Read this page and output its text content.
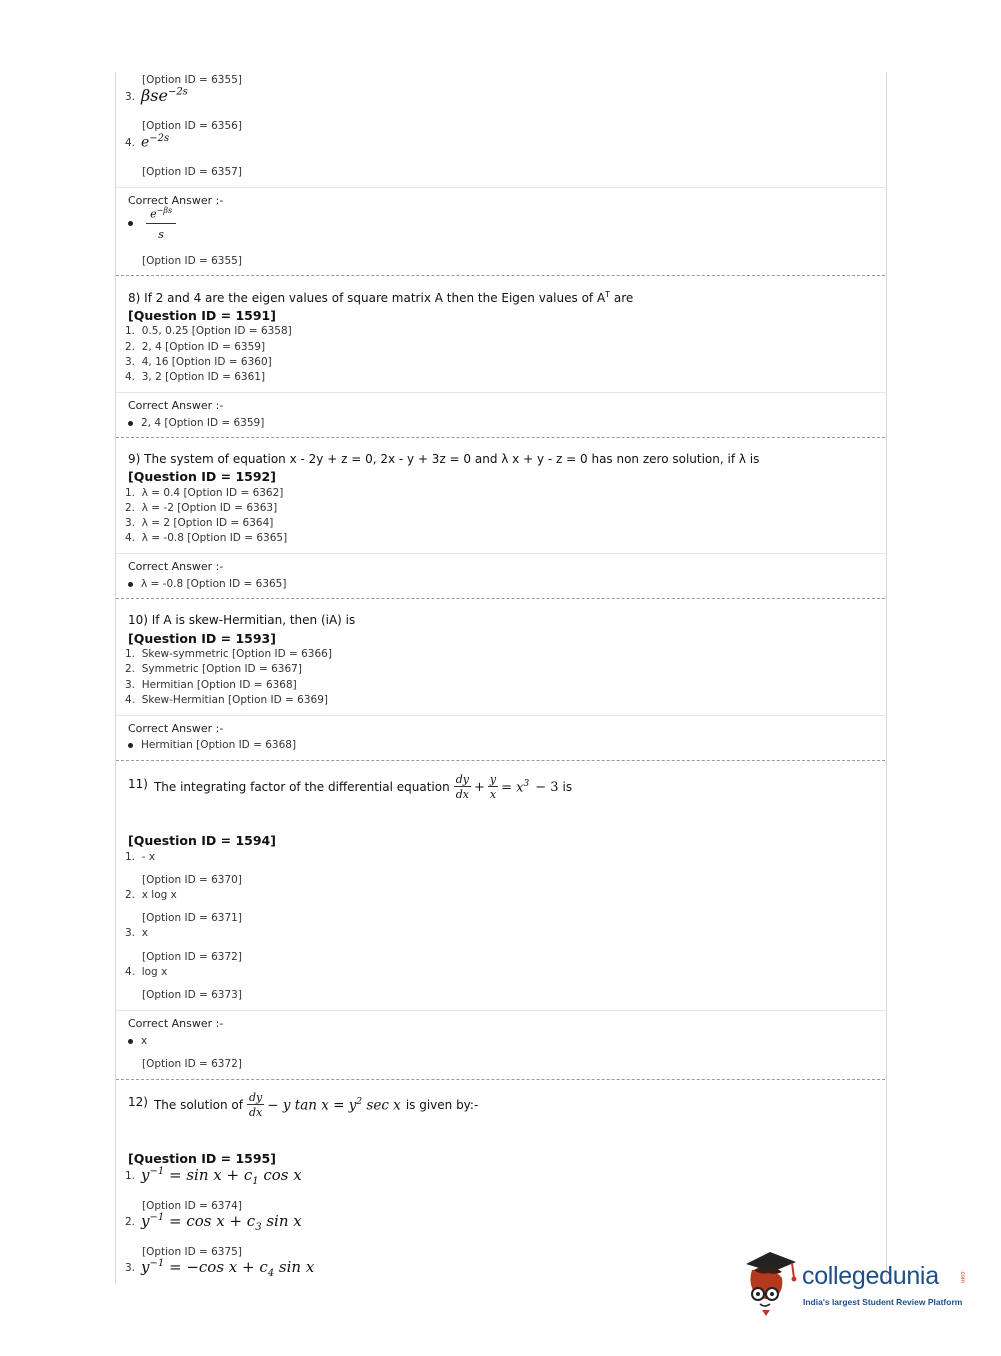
[Option ID = 6355]
3. βse$^{-2s}$
[Option ID = 6356]
4. $e^{-2s}$
[Option ID = 6357]
Correct Answer :-

$\frac{e^{-\beta s}}{s}$
[Option ID = 6355]
8) If 2 and 4 are the eigen values of square matrix A then the Eigen values of $A^T$ are
[Question ID = 1591]
1. 0.5, 0.25 [Option ID = 6358]
2. 2, 4 [Option ID = 6359]
3. 4, 16 [Option ID = 6360]
4. 3, 2 [Option ID = 6361]
Correct Answer :-
2, 4 [Option ID = 6359]
9) The system of equation x - 2y + z = 0, 2x - y + 3z = 0 and λ x + y - z = 0 has non zero solution, if λ is
[Question ID = 1592]
1. λ = 0.4 [Option ID = 6362]
2. λ = -2 [Option ID = 6363]
3. λ = 2 [Option ID = 6364]
4. λ = -0.8 [Option ID = 6365]
Correct Answer :-
λ = -0.8 [Option ID = 6365]
10) If A is skew-Hermitian, then (iA) is
[Question ID = 1593]
1. Skew-symmetric [Option ID = 6366]
2. Symmetric [Option ID = 6367]
3. Hermitian [Option ID = 6368]
4. Skew-Hermitian [Option ID = 6369]
Correct Answer :-
Hermitian [Option ID = 6368]
11) The integrating factor of the differential equation $\frac{dy}{dx} + \frac{y}{x} = x^3 - 3$ is
[Question ID = 1594]
1. - x
[Option ID = 6370]
2. x log x
[Option ID = 6371]
3. x
[Option ID = 6372]
4. log x
[Option ID = 6373]
Correct Answer :-
x
[Option ID = 6372]
12) The solution of $\frac{dy}{dx} - y$ $\tan x = y^2$ sec x is given by:-
[Question ID = 1595]
1. $y^{-1} = \sin x + c_1$ cos x
[Option ID = 6374]
2. $y^{-1} = \cos x + c_3$ sin x
[Option ID = 6375]
3. $y^{-1} = -\cos$ $x + c_4$ sin x	collegedunia	.com
India's largest Student Review Platform
